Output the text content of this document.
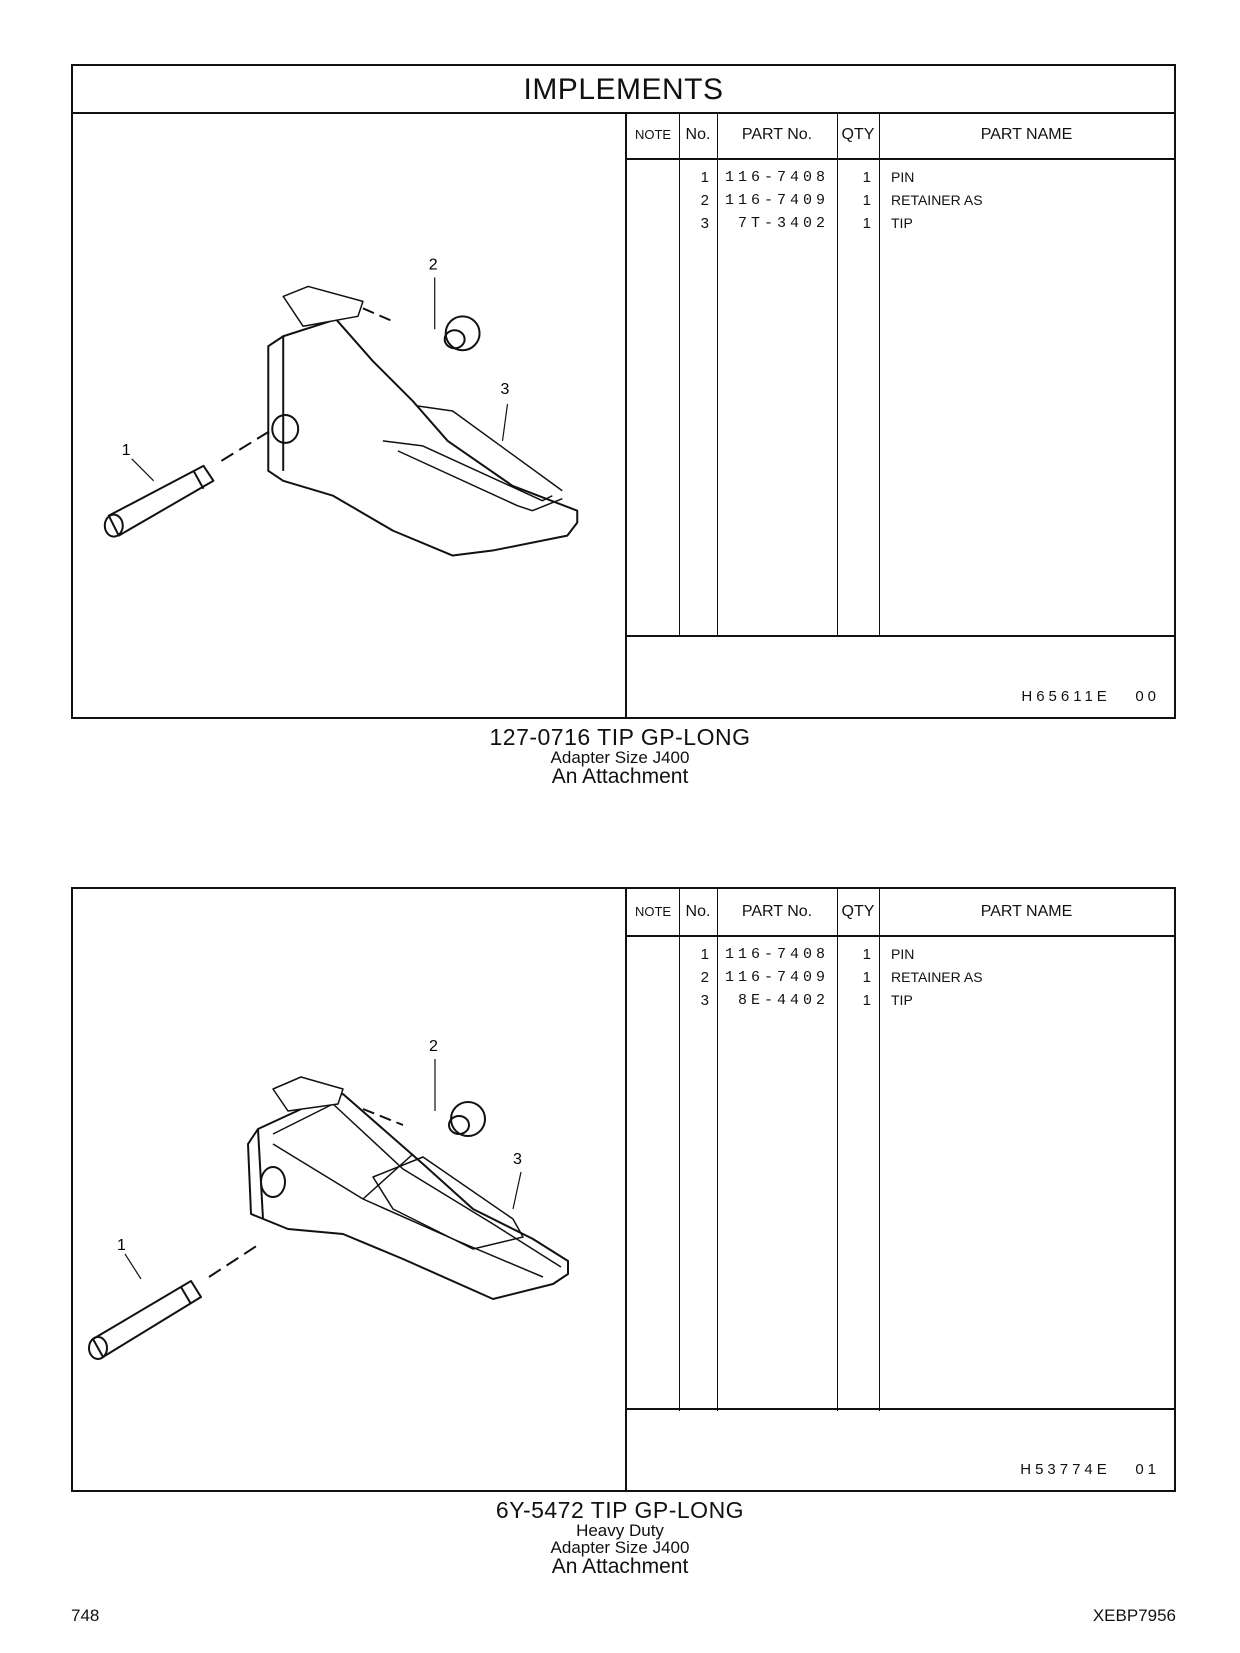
IMPLEMENTS
2
3
1
NOTE No.	PART No.	QTY	PART NAME
1	116-7408	1 PIN
2	116-7409	1 RETAINER AS
3	7T-3402	1 TIP
H65611E 00
127-0716 TIP GP-LONG
Adapter Size J400
An Attachment
2
3
1
NOTE No.	PART No.	QTY	PART NAME
1	116-7408	1 PIN
2	116-7409	1 RETAINER AS
3	8E-4402	1 TIP
H53774E 01
6Y-5472 TIP GP-LONG
Heavy Duty
Adapter Size J400
An Attachment
748	XEBP7956
